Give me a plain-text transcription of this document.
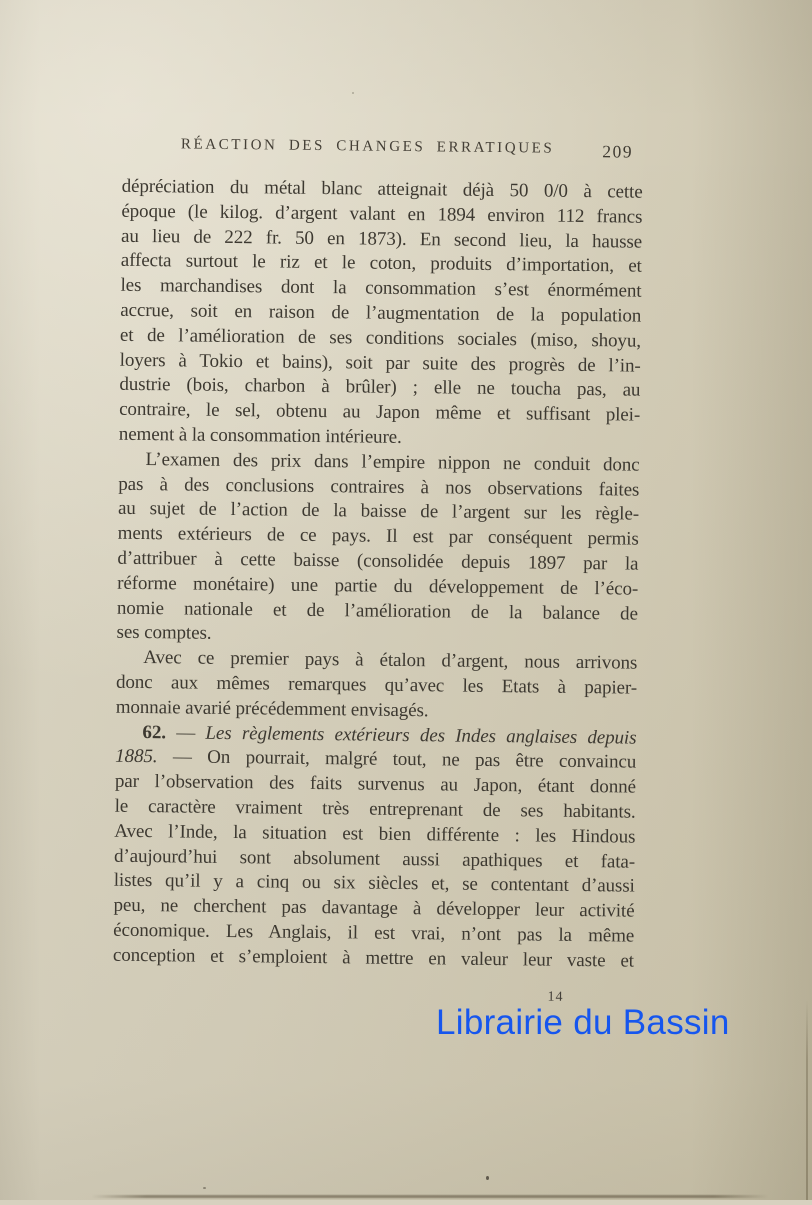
RÉACTION DES CHANGES ERRATIQUES	209
dépréciation du métal blanc atteignait déjà 50 0/0 à cette
époque (le kilog. d’argent valant en 1894 environ 112 francs
au lieu de 222 fr. 50 en 1873). En second lieu, la hausse
affecta surtout le riz et le coton, produits d’importation, et
les marchandises dont la consommation s’est énormément
accrue, soit en raison de l’augmentation de la population
et de l’amélioration de ses conditions sociales (miso, shoyu,
loyers à Tokio et bains), soit par suite des progrès de l’in-
dustrie (bois, charbon à brûler) ; elle ne toucha pas, au
contraire, le sel, obtenu au Japon même et suffisant plei-
nement à la consommation intérieure.
L’examen des prix dans l’empire nippon ne conduit donc
pas à des conclusions contraires à nos observations faites
au sujet de l’action de la baisse de l’argent sur les règle-
ments extérieurs de ce pays. Il est par conséquent permis
d’attribuer à cette baisse (consolidée depuis 1897 par la
réforme monétaire) une partie du développement de l’éco-
nomie nationale et de l’amélioration de la balance de
ses comptes.
Avec ce premier pays à étalon d’argent, nous arrivons
donc aux mêmes remarques qu’avec les Etats à papier-
monnaie avarié précédemment envisagés.
62. — Les règlements extérieurs des Indes anglaises depuis
1885. — On pourrait, malgré tout, ne pas être convaincu
par l’observation des faits survenus au Japon, étant donné
le caractère vraiment très entreprenant de ses habitants.
Avec l’Inde, la situation est bien différente : les Hindous
d’aujourd’hui sont absolument aussi apathiques et fata-
listes qu’il y a cinq ou six siècles et, se contentant d’aussi
peu, ne cherchent pas davantage à développer leur activité
économique. Les Anglais, il est vrai, n’ont pas la même
conception et s’emploient à mettre en valeur leur vaste et
14
Librairie du Bassin
